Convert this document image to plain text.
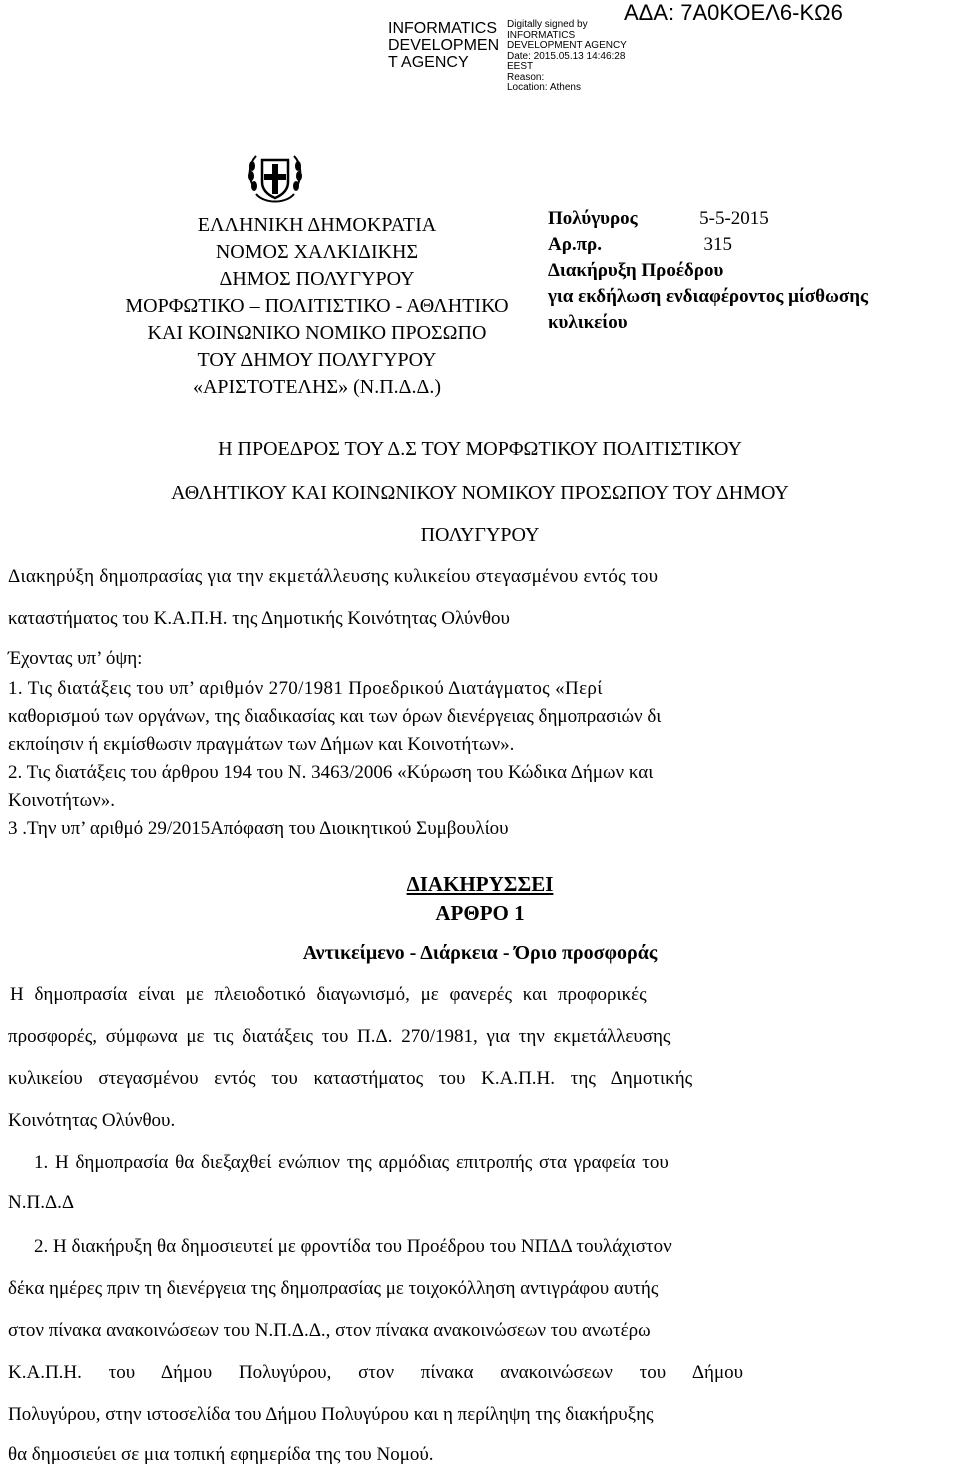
INFORMATICS
DEVELOPMEN
T AGENCY
Digitally signed by
INFORMATICS
DEVELOPMENT AGENCY
Date: 2015.05.13 14:46:28
EEST
Reason:
Location: Athens
ΑΔΑ: 7Α0ΚΟΕΛ6-ΚΩ6
ΕΛΛΗΝΙΚΗ ΔΗΜΟΚΡΑΤΙΑ
ΝΟΜΟΣ ΧΑΛΚΙΔΙΚΗΣ
ΔΗΜΟΣ ΠΟΛΥΓΥΡΟΥ
ΜΟΡΦΩΤΙΚΟ – ΠΟΛΙΤΙΣΤΙΚΟ - ΑΘΛΗΤΙΚΟ
ΚΑΙ ΚΟΙΝΩΝΙΚΟ ΝΟΜΙΚΟ ΠΡΟΣΩΠΟ
ΤΟΥ ΔΗΜΟΥ ΠΟΛΥΓΥΡΟΥ
«ΑΡΙΣΤΟΤΕΛΗΣ» (Ν.Π.Δ.Δ.)
Πολύγυρος	5-5-2015
Αρ.πρ.	315
Διακήρυξη Προέδρου
για εκδήλωση ενδιαφέροντος μίσθωσης
κυλικείου
Η ΠΡΟΕΔΡΟΣ ΤΟΥ Δ.Σ ΤΟΥ ΜΟΡΦΩΤΙΚΟΥ ΠΟΛΙΤΙΣΤΙΚΟΥ
ΑΘΛΗΤΙΚΟΥ ΚΑΙ ΚΟΙΝΩΝΙΚΟΥ ΝΟΜΙΚΟΥ ΠΡΟΣΩΠΟΥ ΤΟΥ ΔΗΜΟΥ
ΠΟΛΥΓΥΡΟΥ
Διακηρύξη δημοπρασίας για την εκμετάλλευσης κυλικείου στεγασμένου εντός του
καταστήματος του Κ.Α.Π.Η. της Δημοτικής Κοινότητας Ολύνθου
Έχοντας υπ’ όψη:
1. Τις διατάξεις του υπ’ αριθμόν 270/1981 Προεδρικού Διατάγματος «Περί
καθορισμού των οργάνων, της διαδικασίας και των όρων διενέργειας δημοπρασιών δι
εκποίησιν ή εκμίσθωσιν πραγμάτων των Δήμων και Κοινοτήτων».
2. Τις διατάξεις του άρθρου 194 του Ν. 3463/2006 «Κύρωση του Κώδικα Δήμων και
Κοινοτήτων».
3 .Την υπ’ αριθμό 29/2015Απόφαση του Διοικητικού Συμβουλίου
ΔΙΑΚΗΡΥΣΣΕΙ
ΑΡΘΡΟ 1
Αντικείμενο - Διάρκεια - Όριο προσφοράς
Η δημοπρασία είναι με πλειοδοτικό διαγωνισμό, με φανερές και προφορικές
προσφορές, σύμφωνα με τις διατάξεις του Π.Δ. 270/1981, για την εκμετάλλευσης
κυλικείου στεγασμένου εντός του καταστήματος του Κ.Α.Π.Η. της Δημοτικής
Κοινότητας Ολύνθου.
1. Η δημοπρασία θα διεξαχθεί ενώπιον της αρμόδιας επιτροπής στα γραφεία του
Ν.Π.Δ.Δ
2. Η διακήρυξη θα δημοσιευτεί με φροντίδα του Προέδρου του ΝΠΔΔ τουλάχιστον
δέκα ημέρες πριν τη διενέργεια της δημοπρασίας με τοιχοκόλληση αντιγράφου αυτής
στον πίνακα ανακοινώσεων του Ν.Π.Δ.Δ., στον πίνακα ανακοινώσεων του ανωτέρω
Κ.Α.Π.Η. του Δήμου Πολυγύρου, στον πίνακα ανακοινώσεων του Δήμου
Πολυγύρου, στην ιστοσελίδα του Δήμου Πολυγύρου και η περίληψη της διακήρυξης
θα δημοσιεύει σε μια τοπική εφημερίδα της του Νομού.
